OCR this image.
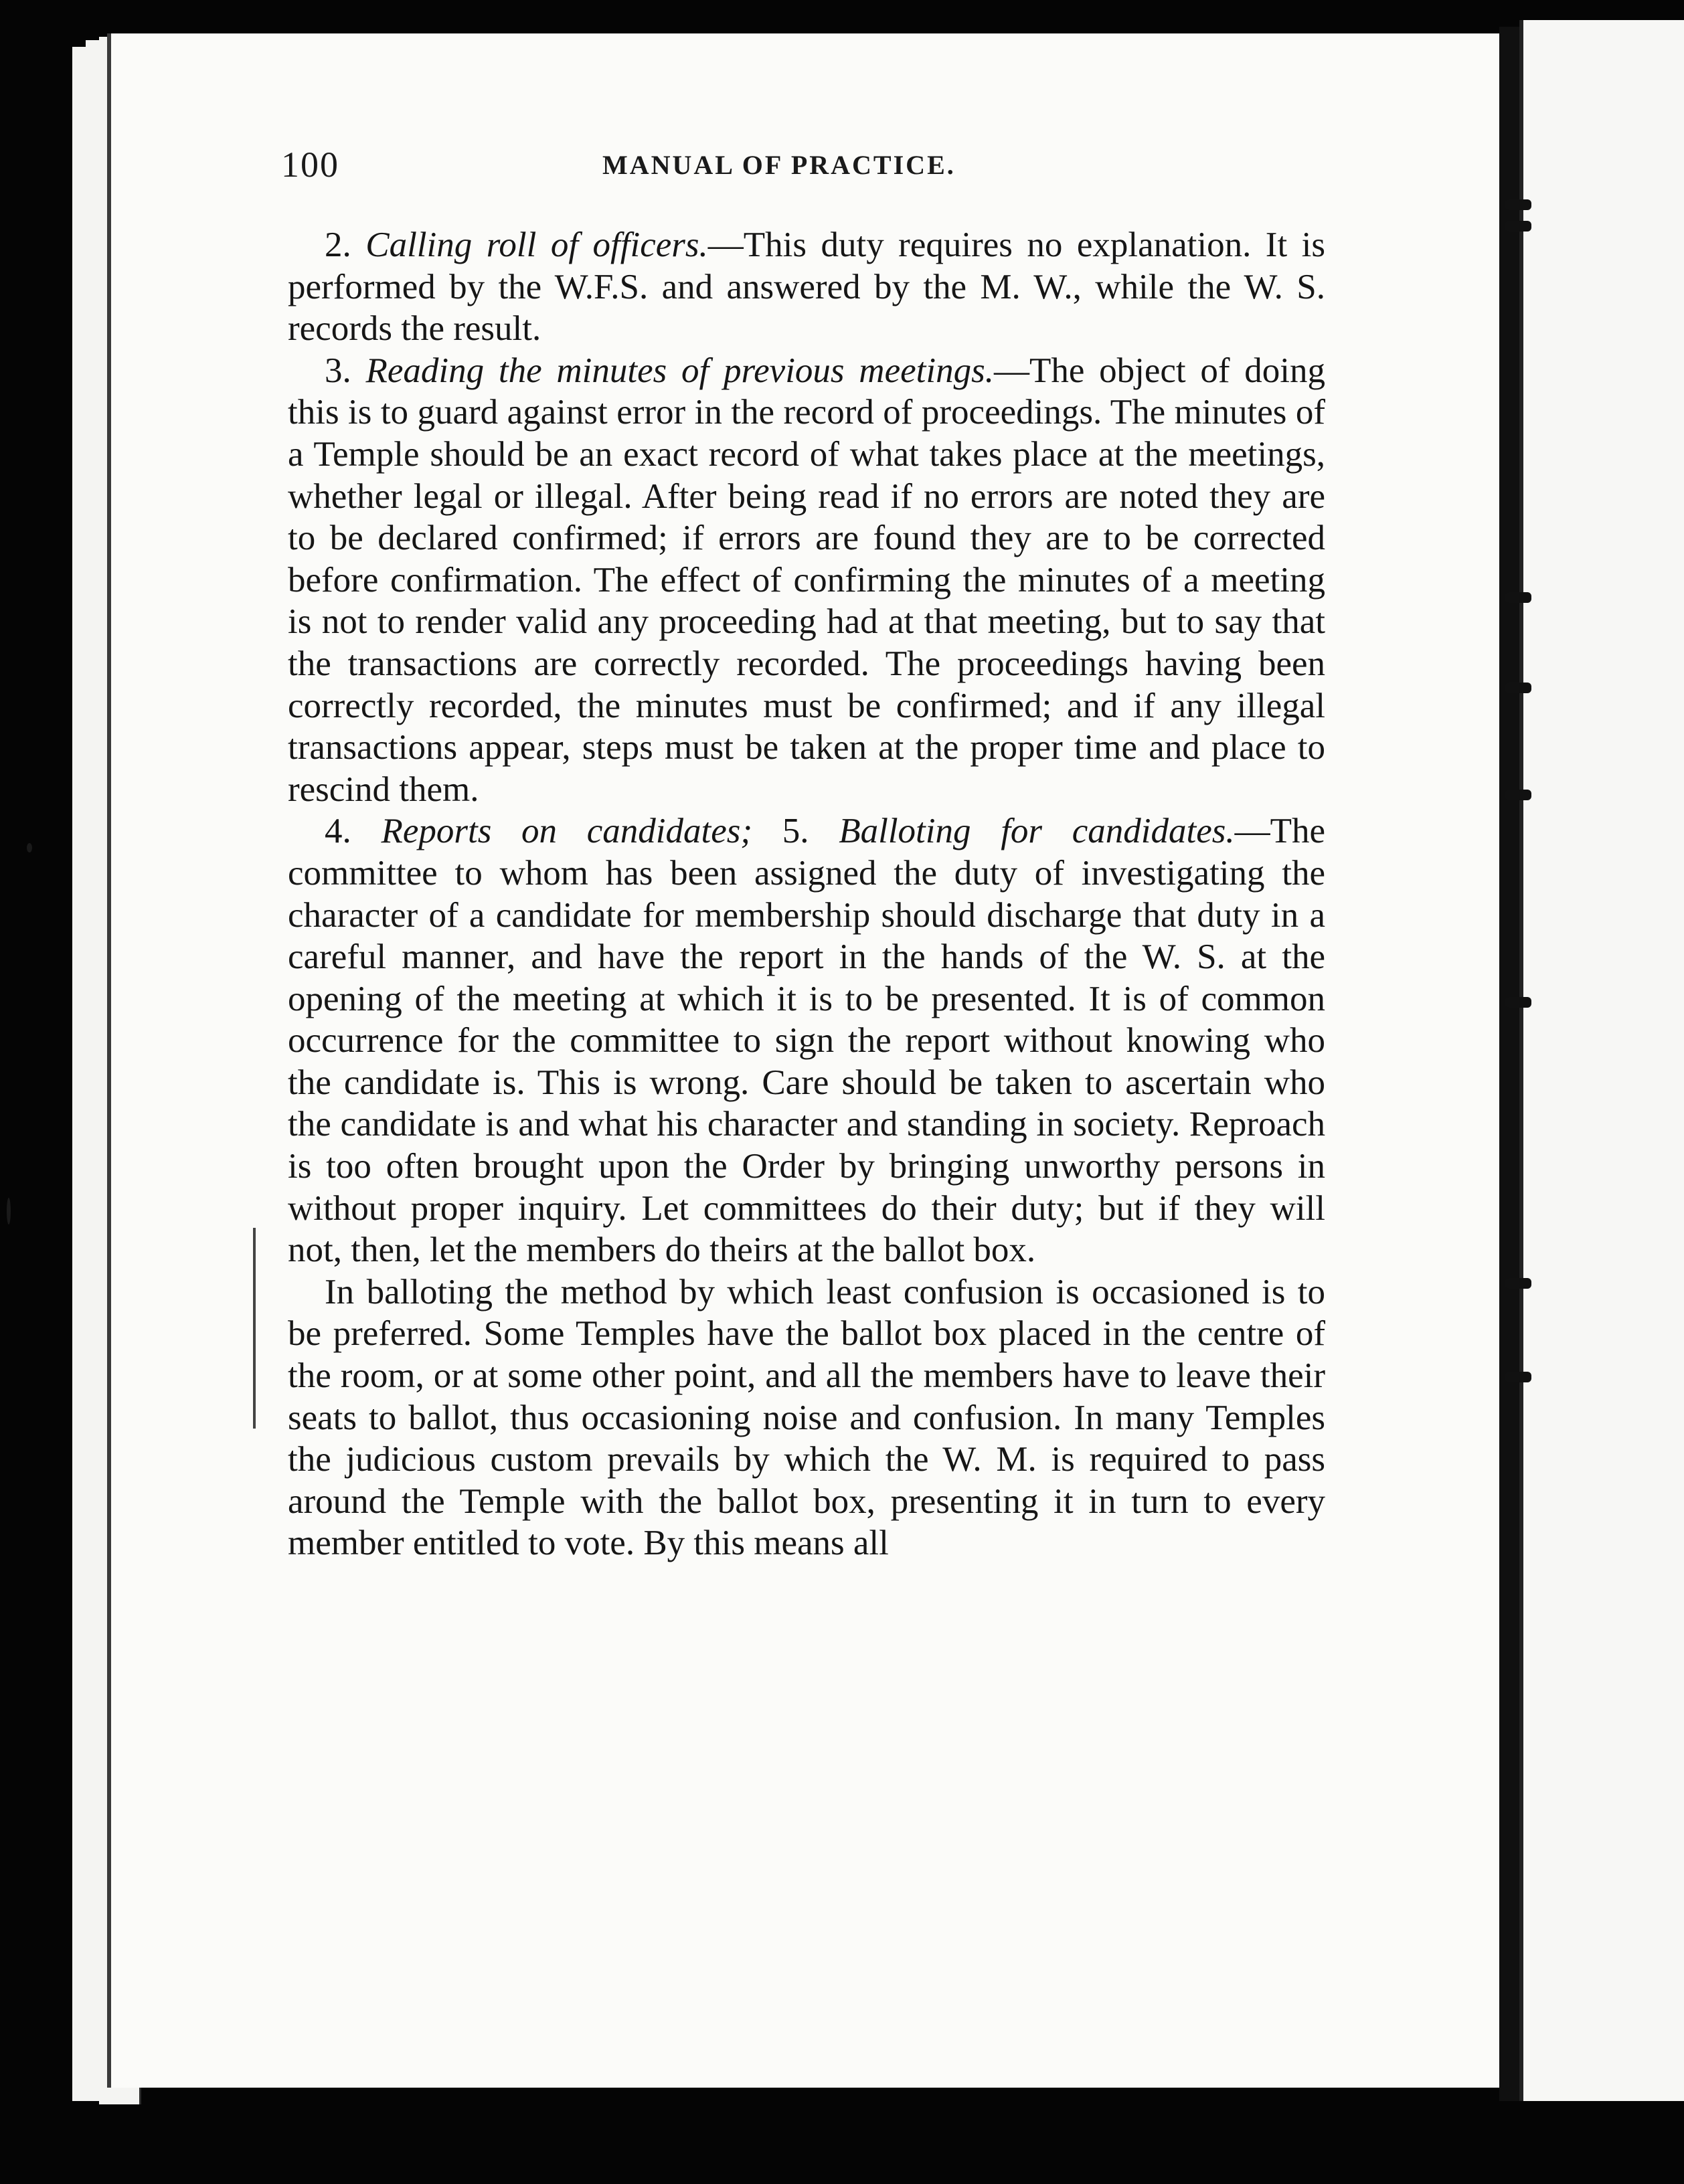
100	MANUAL OF PRACTICE.

2. Calling roll of officers.—This duty requires no explanation. It is performed by the W.F.S. and answered by the M. W., while the W. S. records the result.

3. Reading the minutes of previous meetings.—The object of doing this is to guard against error in the record of proceedings. The minutes of a Temple should be an exact record of what takes place at the meetings, whether legal or illegal. After being read if no errors are noted they are to be declared confirmed; if errors are found they are to be corrected before confirmation. The effect of confirming the minutes of a meeting is not to render valid any proceeding had at that meeting, but to say that the transactions are correctly recorded. The proceedings having been correctly recorded, the minutes must be confirmed; and if any illegal transactions appear, steps must be taken at the proper time and place to rescind them.

4. Reports on candidates; 5. Balloting for candidates.—The committee to whom has been assigned the duty of investigating the character of a candidate for membership should discharge that duty in a careful manner, and have the report in the hands of the W. S. at the opening of the meeting at which it is to be presented. It is of common occurrence for the committee to sign the report without knowing who the candidate is. This is wrong. Care should be taken to ascertain who the candidate is and what his character and standing in society. Reproach is too often brought upon the Order by bringing unworthy persons in without proper inquiry. Let committees do their duty; but if they will not, then, let the members do theirs at the ballot box.

In balloting the method by which least confusion is occasioned is to be preferred. Some Temples have the ballot box placed in the centre of the room, or at some other point, and all the members have to leave their seats to ballot, thus occasioning noise and confusion. In many Temples the judicious custom prevails by which the W. M. is required to pass around the Temple with the ballot box, presenting it in turn to every member entitled to vote. By this means all
